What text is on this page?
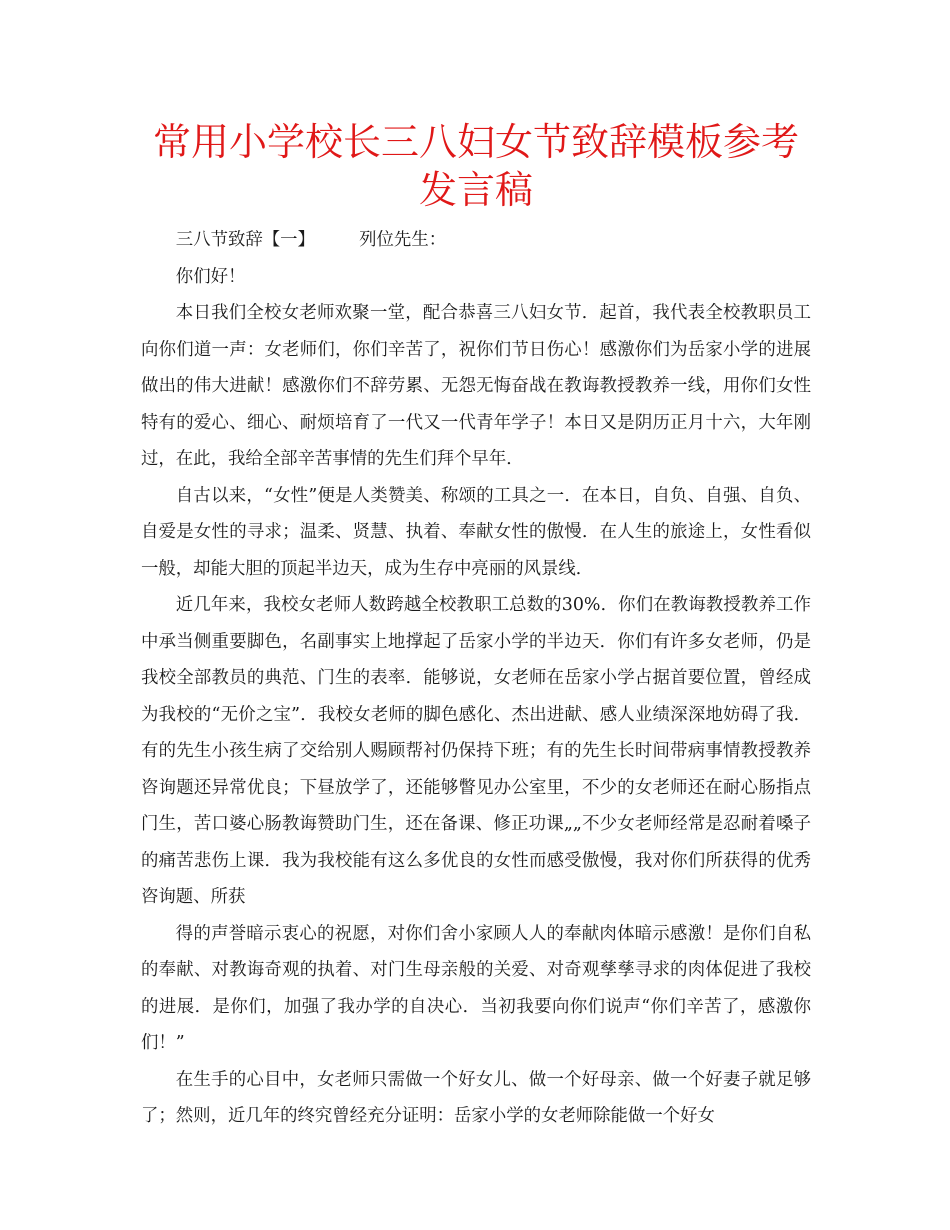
常用小学校长三八妇女节致辞模板参考发言稿
三八节致辞【一】        列位先生：

你们好！

本日我们全校女老师欢聚一堂，配合恭喜三八妇女节．起首，我代表全校教职员工向你们道一声：女老师们，你们辛苦了，祝你们节日伤心！感激你们为岳家小学的进展做出的伟大进献！感激你们不辞劳累、无怨无悔奋战在教诲教授教养一线，用你们女性特有的爱心、细心、耐烦培育了一代又一代青年学子！本日又是阴历正月十六，大年刚过，在此，我给全部辛苦事情的先生们拜个早年．

自古以来，“女性”便是人类赞美、称颂的工具之一．在本日，自负、自强、自负、自爱是女性的寻求；温柔、贤慧、执着、奉献女性的傲慢．在人生的旅途上，女性看似一般，却能大胆的顶起半边天，成为生存中亮丽的风景线．

近几年来，我校女老师人数跨越全校教职工总数的30%．你们在教诲教授教养工作中承当侧重要脚色，名副事实上地撑起了岳家小学的半边天．你们有许多女老师，仍是我校全部教员的典范、门生的表率．能够说，女老师在岳家小学占据首要位置，曾经成为我校的“无价之宝”．我校女老师的脚色感化、杰出进献、感人业绩深深地妨碍了我．有的先生小孩生病了交给别人赐顾帮衬仍保持下班；有的先生长时间带病事情教授教养咨询题还异常优良；下昼放学了，还能够瞥见办公室里，不少的女老师还在耐心肠指点门生，苦口婆心肠教诲赞助门生，还在备课、修正功课„„不少女老师经常是忍耐着嗓子的痛苦悲伤上课．我为我校能有这么多优良的女性而感受傲慢，我对你们所获得的优秀咨询题、所获

得的声誉暗示衷心的祝愿，对你们舍小家顾人人的奉献肉体暗示感激！是你们自私的奉献、对教诲奇观的执着、对门生母亲般的关爱、对奇观孳孳寻求的肉体促进了我校的进展．是你们，加强了我办学的自决心．当初我要向你们说声“你们辛苦了，感激你们！”

在生手的心目中，女老师只需做一个好女儿、做一个好母亲、做一个好妻子就足够了；然则，近几年的终究曾经充分证明：岳家小学的女老师除能做一个好女
